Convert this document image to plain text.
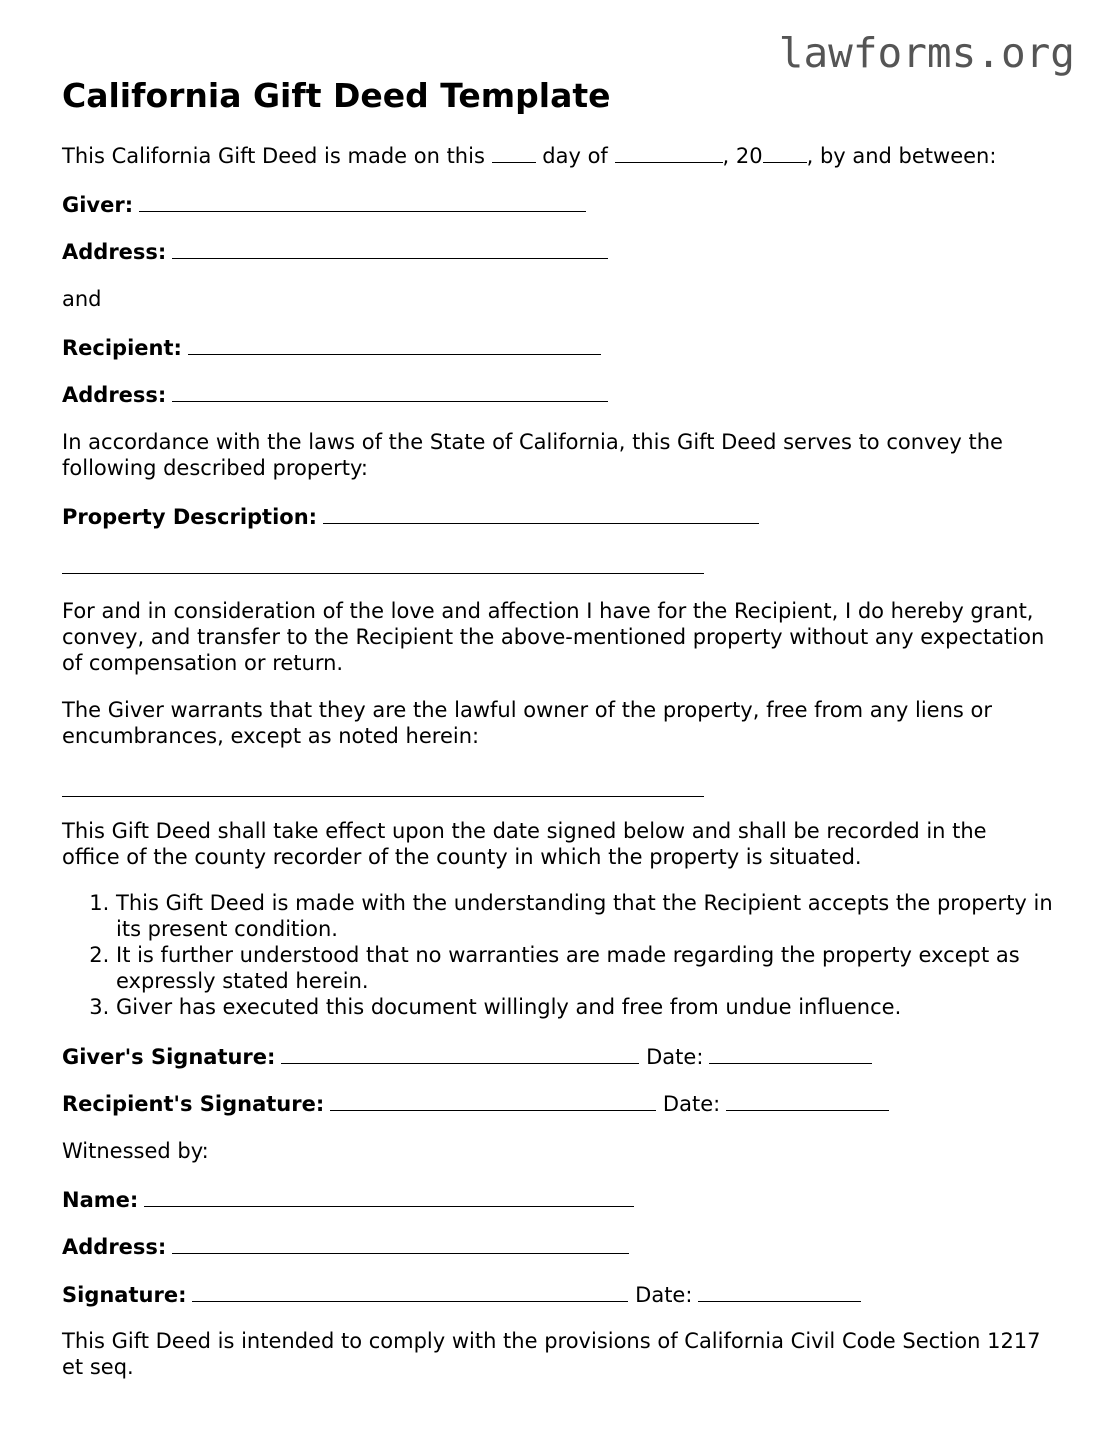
lawforms.org
California Gift Deed Template
This California Gift Deed is made on this	day of	, 20 , by and between:
Giver:
Address:
and
Recipient:
Address:
In accordance with the laws of the State of California, this Gift Deed serves to convey the following described property:
Property Description:
For and in consideration of the love and affection I have for the Recipient, I do hereby grant, convey, and transfer to the Recipient the above-mentioned property without any expectation of compensation or return.
The Giver warrants that they are the lawful owner of the property, free from any liens or encumbrances, except as noted herein:
This Gift Deed shall take effect upon the date signed below and shall be recorded in the office of the county recorder of the county in which the property is situated.
1. This Gift Deed is made with the understanding that the Recipient accepts the property in its present condition.
2. It is further understood that no warranties are made regarding the property except as expressly stated herein.
3. Giver has executed this document willingly and free from undue influence.
Giver's Signature:	Date:
Recipient's Signature:	Date:
Witnessed by:
Name:
Address:
Signature:	Date:
This Gift Deed is intended to comply with the provisions of California Civil Code Section 1217 et seq.
